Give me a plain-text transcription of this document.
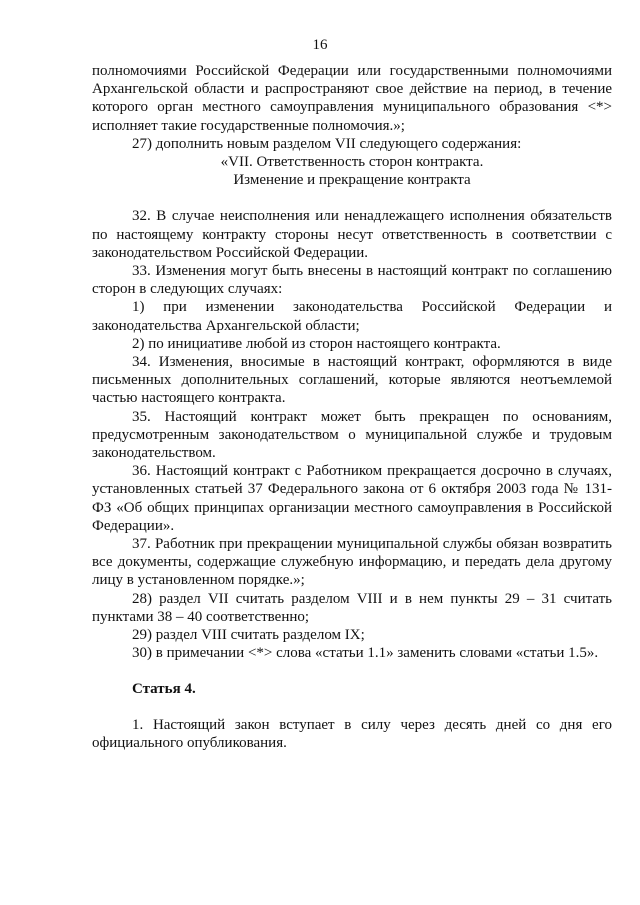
16

полномочиями Российской Федерации или государственными полномочиями Архангельской области и распространяют свое действие на период, в течение которого орган местного самоуправления муниципального образования <*> исполняет такие государственные полномочия.»;

27) дополнить новым разделом VII следующего содержания:

«VII. Ответственность сторон контракта.

Изменение и прекращение контракта

32. В случае неисполнения или ненадлежащего исполнения обязательств по настоящему контракту стороны несут ответственность в соответствии с законодательством Российской Федерации.

33. Изменения могут быть внесены в настоящий контракт по соглашению сторон в следующих случаях:

1) при изменении законодательства Российской Федерации и законодательства Архангельской области;

2) по инициативе любой из сторон настоящего контракта.

34. Изменения, вносимые в настоящий контракт, оформляются в виде письменных дополнительных соглашений, которые являются неотъемлемой частью настоящего контракта.

35. Настоящий контракт может быть прекращен по основаниям, предусмотренным законодательством о муниципальной службе и трудовым законодательством.

36. Настоящий контракт с Работником прекращается досрочно в случаях, установленных статьей 37 Федерального закона от 6 октября 2003 года № 131-ФЗ «Об общих принципах организации местного самоуправления в Российской Федерации».

37. Работник при прекращении муниципальной службы обязан возвратить все документы, содержащие служебную информацию, и передать дела другому лицу в установленном порядке.»;

28) раздел VII считать разделом VIII и в нем пункты 29 – 31 считать пунктами 38 – 40 соответственно;

29) раздел VIII считать разделом IX;

30) в примечании <*> слова «статьи 1.1» заменить словами «статьи 1.5».

Статья 4.

1. Настоящий закон вступает в силу через десять дней со дня его официального опубликования.
